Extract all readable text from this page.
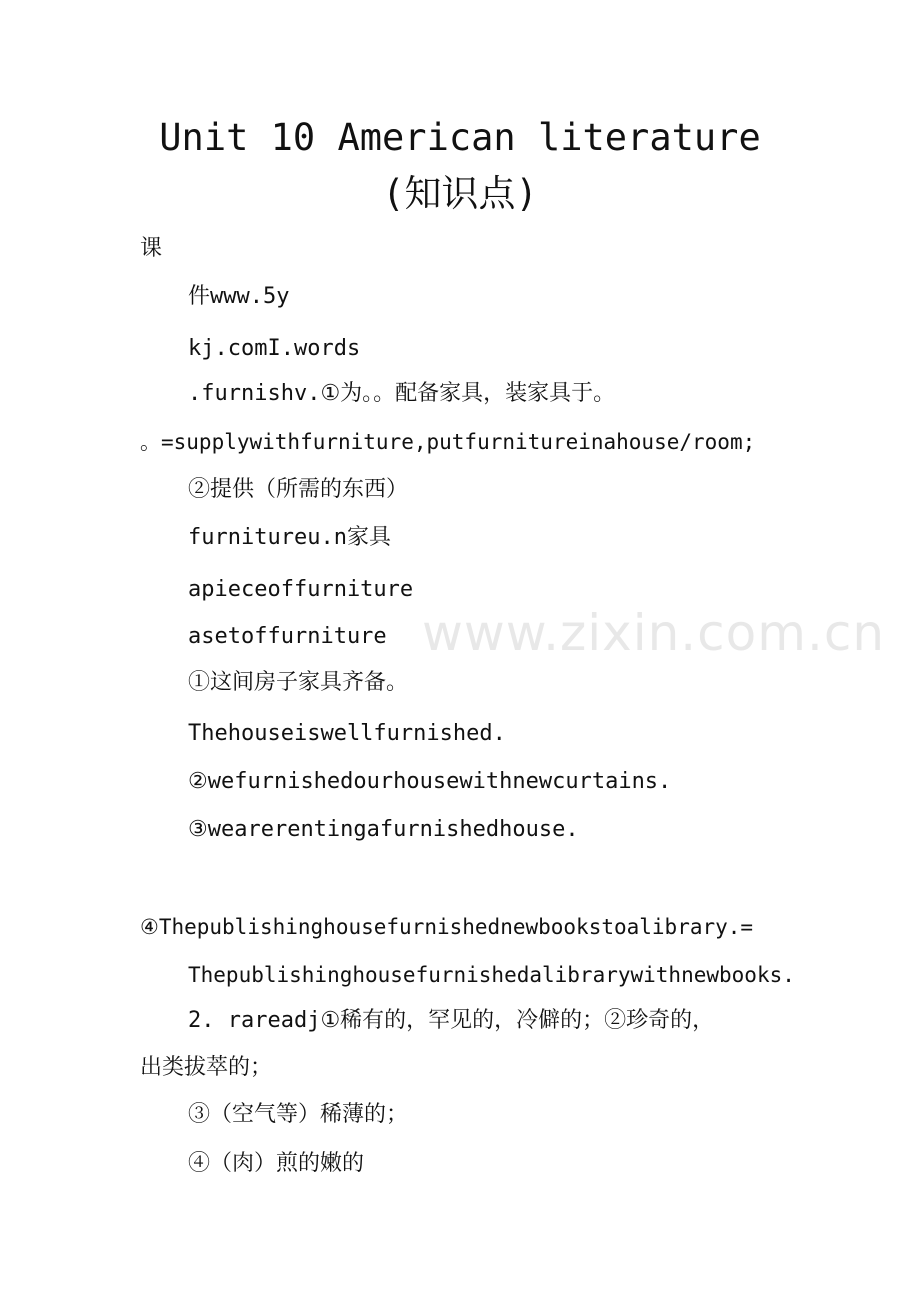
Unit 10 American literature (知识点)
课
件www.5y
kj.comI.words
.furnishv.①为。。配备家具，装家具于。
。=supplywithfurniture,putfurnitureinahouse/room;
②提供（所需的东西）
furnitureu.n家具
apieceoffurniture
asetoffurniture
①这间房子家具齐备。
Thehouseiswellfurnished.
②wefurnishedourhousewithnewcurtains.
③wearerentingafurnishedhouse.
④Thepublishinghousefurnishednewbookstoalibrary.=
Thepublishinghousefurnishedalibrarywithnewbooks.
2. rareadj①稀有的，罕见的，冷僻的；②珍奇的，
出类拔萃的；
③（空气等）稀薄的；
④（肉）煎的嫩的
www.zixin.com.cn
